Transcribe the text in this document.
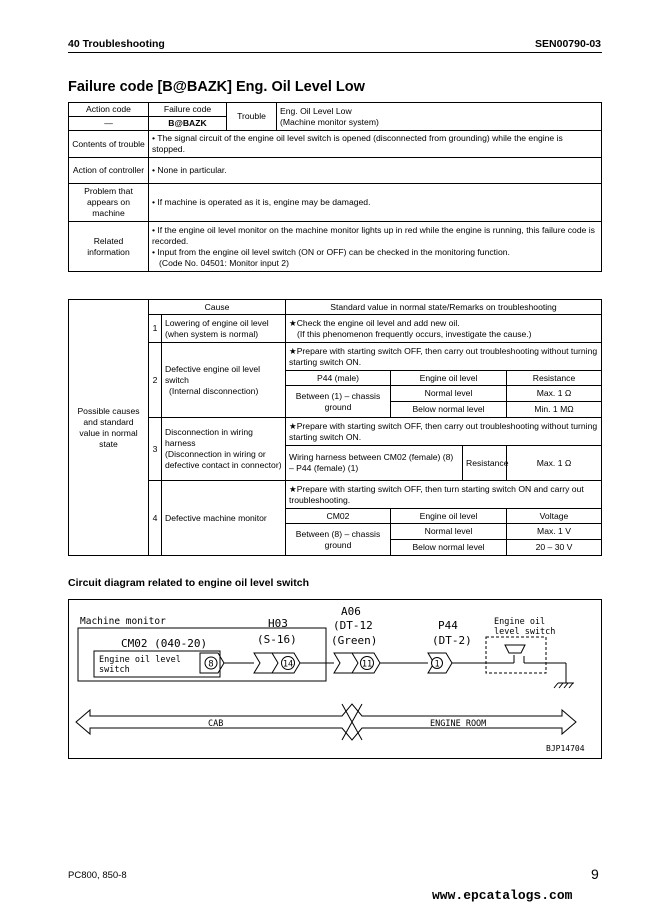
40 Troubleshooting	SEN00790-03
Failure code [B@BAZK] Eng. Oil Level Low
Action code	Failure code	Trouble	Eng. Oil Level Low
(Machine monitor system)

—	B@BAZK		
Contents of trouble	• The signal circuit of the engine oil level switch is opened (disconnected from grounding) while the engine is stopped.		
Action of controller	• None in particular.		
Problem that appears on machine	• If machine is operated as it is, engine may be damaged.		
Related information	• If the engine oil level monitor on the machine monitor lights up in red while the engine is running, this failure code is recorded.
• Input from the engine oil level switch (ON or OFF) can be checked in the monitoring function.
(Code No. 04501: Monitor input 2)		
Possible causes and standard value in normal state	Cause		Standard value in normal state/Remarks on troubleshooting			
	1	Lowering of engine oil level (when system is normal)	★Check the engine oil level and add new oil.
(If this phenomenon frequently occurs, investigate the cause.)			

	2	Defective engine oil level switch
(Internal disconnection)	★Prepare with starting switch OFF, then carry out troubleshooting without turning starting switch ON.			
			P44 (male)	Engine oil level		Resistance
			Between (1) – chassis ground	Normal level		Max. 1 Ω
				Below normal level		Min. 1 MΩ
	3	Disconnection in wiring harness
(Disconnection in wiring or defective contact in connector)	★Prepare with starting switch OFF, then carry out troubleshooting without turning starting switch ON.			
			Wiring harness between CM02 (female) (8) – P44 (female) (1)		Resistance	Max. 1 Ω
	4	Defective machine monitor	★Prepare with starting switch OFF, then turn starting switch ON and carry out troubleshooting.			
			CM02	Engine oil level		Voltage
			Between (8) – chassis ground	Normal level		Max. 1 V
				Below normal level		20 – 30 V
Circuit diagram related to engine oil level switch
Machine monitor
CM02 (040-20)
Engine oil level
switch
8
H03
(S-16)
14
A06
(DT-12
(Green)
11
P44
(DT-2)
1
Engine oil
level switch
CAB	ENGINE ROOM
BJP14704
PC800, 850-8	9
www.epcatalogs.com
